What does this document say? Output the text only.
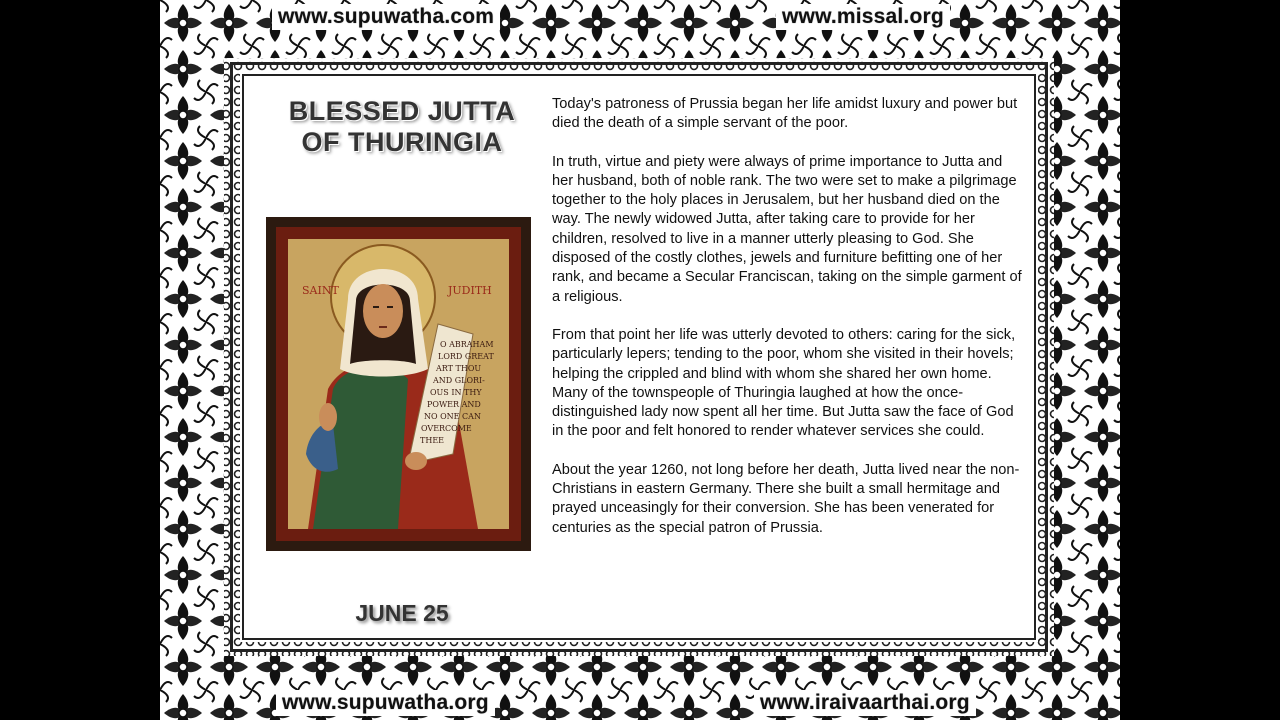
www.supuwatha.com	www.missal.org
www.supuwatha.org	www.iraivaarthai.org
BLESSED JUTTA
OF THURINGIA
O ABRAHAM
LORD GREAT
ART THOU
AND GLORI-
OUS IN THY
POWER AND
NO ONE CAN
OVERCOME
THEE
SAINT	JUDITH
JUNE 25

Today's patroness of Prussia began her life amidst luxury and power but died the death of a simple servant of the poor.

In truth, virtue and piety were always of prime importance to Jutta and her husband, both of noble rank. The two were set to make a pilgrimage together to the holy places in Jerusalem, but her husband died on the way. The newly widowed Jutta, after taking care to provide for her children, resolved to live in a manner utterly pleasing to God. She disposed of the costly clothes, jewels and furniture befitting one of her rank, and became a Secular Franciscan, taking on the simple garment of a religious.

From that point her life was utterly devoted to others: caring for the sick, particularly lepers; tending to the poor, whom she visited in their hovels; helping the crippled and blind with whom she shared her own home. Many of the townspeople of Thuringia laughed at how the once-distinguished lady now spent all her time. But Jutta saw the face of God in the poor and felt honored to render whatever services she could.

About the year 1260, not long before her death, Jutta lived near the non-Christians in eastern Germany. There she built a small hermitage and prayed unceasingly for their conversion. She has been venerated for centuries as the special patron of Prussia.
